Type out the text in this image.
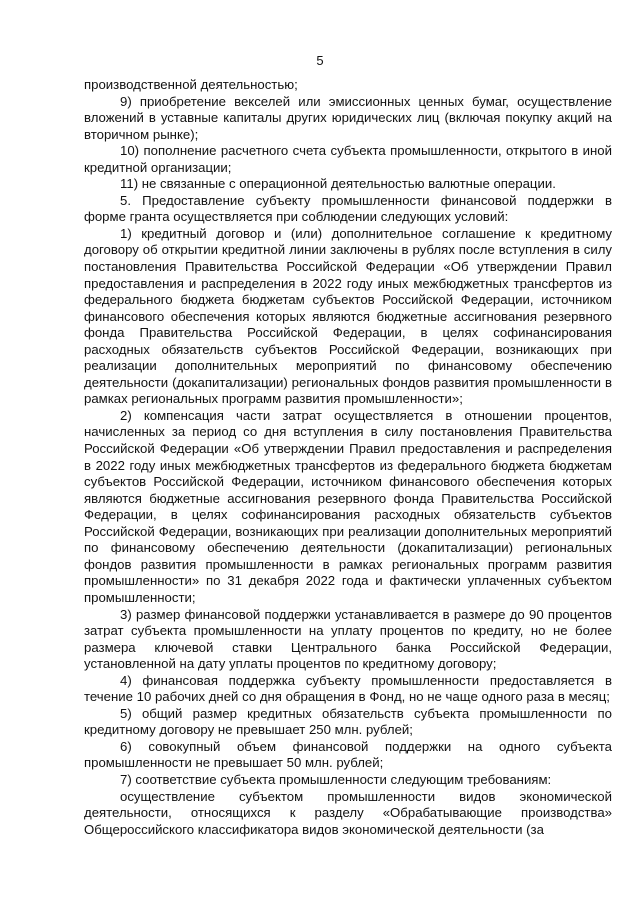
5

производственной деятельностью;

9) приобретение векселей или эмиссионных ценных бумаг, осуществление вложений в уставные капиталы других юридических лиц (включая покупку акций на вторичном рынке);

10) пополнение расчетного счета субъекта промышленности, открытого в иной кредитной организации;

11) не связанные с операционной деятельностью валютные операции.

5. Предоставление субъекту промышленности финансовой поддержки в форме гранта осуществляется при соблюдении следующих условий:

1) кредитный договор и (или) дополнительное соглашение к кредитному договору об открытии кредитной линии заключены в рублях после вступления в силу постановления Правительства Российской Федерации «Об утверждении Правил предоставления и распределения в 2022 году иных межбюджетных трансфертов из федерального бюджета бюджетам субъектов Российской Федерации, источником финансового обеспечения которых являются бюджетные ассигнования резервного фонда Правительства Российской Федерации, в целях софинансирования расходных обязательств субъектов Российской Федерации, возникающих при реализации дополнительных мероприятий по финансовому обеспечению деятельности (докапитализации) региональных фондов развития промышленности в рамках региональных программ развития промышленности»;

2) компенсация части затрат осуществляется в отношении процентов, начисленных за период со дня вступления в силу постановления Правительства Российской Федерации «Об утверждении Правил предоставления и распределения в 2022 году иных межбюджетных трансфертов из федерального бюджета бюджетам субъектов Российской Федерации, источником финансового обеспечения которых являются бюджетные ассигнования резервного фонда Правительства Российской Федерации, в целях софинансирования расходных обязательств субъектов Российской Федерации, возникающих при реализации дополнительных мероприятий по финансовому обеспечению деятельности (докапитализации) региональных фондов развития промышленности в рамках региональных программ развития промышленности» по 31 декабря 2022 года и фактически уплаченных субъектом промышленности;

3) размер финансовой поддержки устанавливается в размере до 90 процентов затрат субъекта промышленности на уплату процентов по кредиту, но не более размера ключевой ставки Центрального банка Российской Федерации, установленной на дату уплаты процентов по кредитному договору;

4) финансовая поддержка субъекту промышленности предоставляется в течение 10 рабочих дней со дня обращения в Фонд, но не чаще одного раза в месяц;

5) общий размер кредитных обязательств субъекта промышленности по кредитному договору не превышает 250 млн. рублей;

6) совокупный объем финансовой поддержки на одного субъекта промышленности не превышает 50 млн. рублей;

7) соответствие субъекта промышленности следующим требованиям:

осуществление субъектом промышленности видов экономической деятельности, относящихся к разделу «Обрабатывающие производства» Общероссийского классификатора видов экономической деятельности (за
